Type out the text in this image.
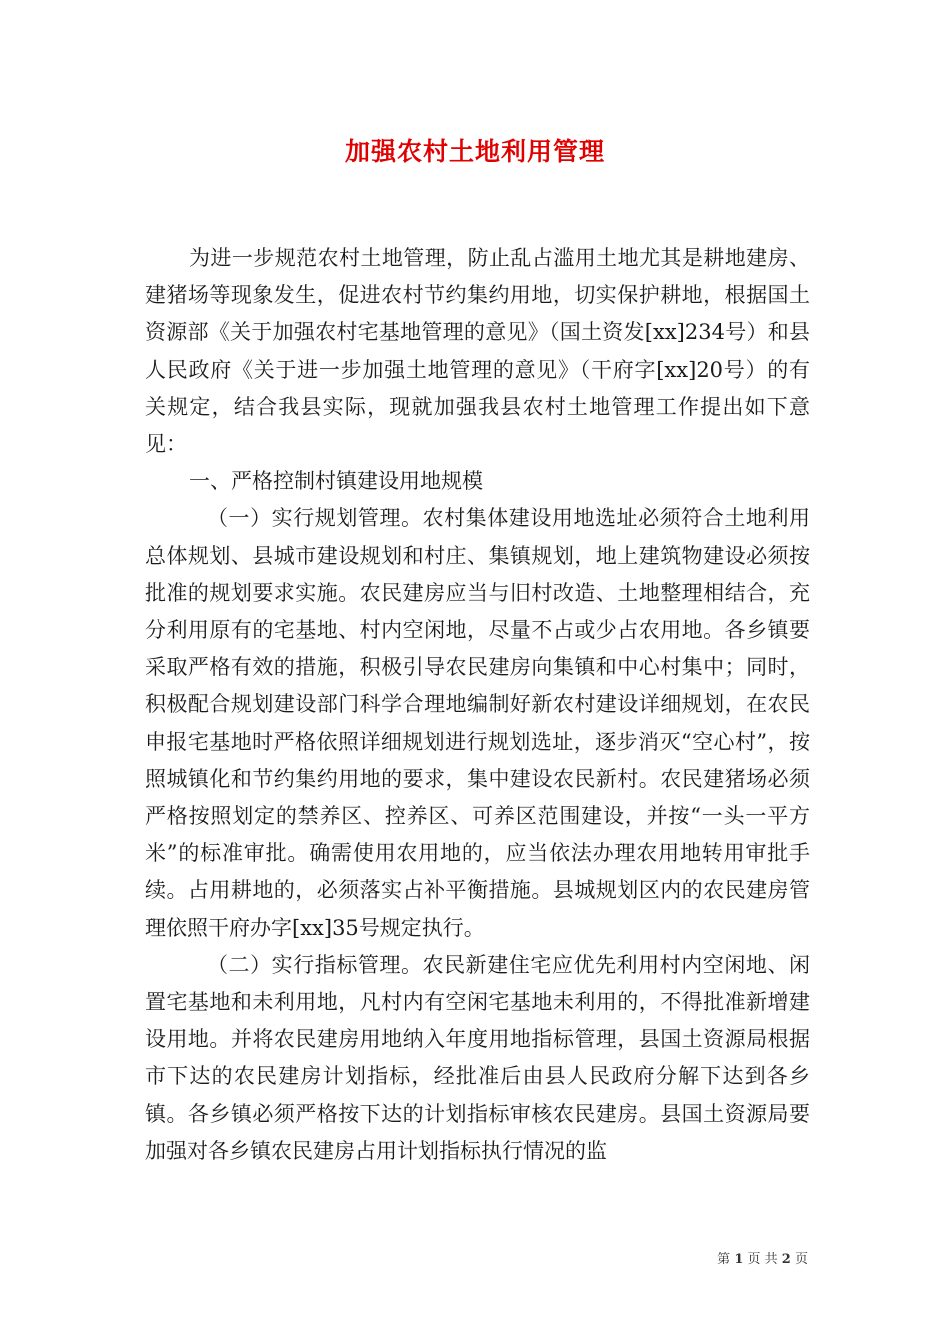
加强农村土地利用管理

为进一步规范农村土地管理，防止乱占滥用土地尤其是耕地建房、建猪场等现象发生，促进农村节约集约用地，切实保护耕地，根据国土资源部《关于加强农村宅基地管理的意见》（国土资发[xx]234号）和县人民政府《关于进一步加强土地管理的意见》（干府字[xx]20号）的有关规定，结合我县实际，现就加强我县农村土地管理工作提出如下意见：

一、严格控制村镇建设用地规模

（一）实行规划管理。农村集体建设用地选址必须符合土地利用总体规划、县城市建设规划和村庄、集镇规划，地上建筑物建设必须按批准的规划要求实施。农民建房应当与旧村改造、土地整理相结合，充分利用原有的宅基地、村内空闲地，尽量不占或少占农用地。各乡镇要采取严格有效的措施，积极引导农民建房向集镇和中心村集中；同时，积极配合规划建设部门科学合理地编制好新农村建设详细规划，在农民申报宅基地时严格依照详细规划进行规划选址，逐步消灭“空心村”，按照城镇化和节约集约用地的要求，集中建设农民新村。农民建猪场必须严格按照划定的禁养区、控养区、可养区范围建设，并按“一头一平方米”的标准审批。确需使用农用地的，应当依法办理农用地转用审批手续。占用耕地的，必须落实占补平衡措施。县城规划区内的农民建房管理依照干府办字[xx]35号规定执行。

（二）实行指标管理。农民新建住宅应优先利用村内空闲地、闲置宅基地和未利用地，凡村内有空闲宅基地未利用的，不得批准新增建设用地。并将农民建房用地纳入年度用地指标管理，县国土资源局根据市下达的农民建房计划指标，经批准后由县人民政府分解下达到各乡镇。各乡镇必须严格按下达的计划指标审核农民建房。县国土资源局要加强对各乡镇农民建房占用计划指标执行情况的监

第 1 页 共 2 页
